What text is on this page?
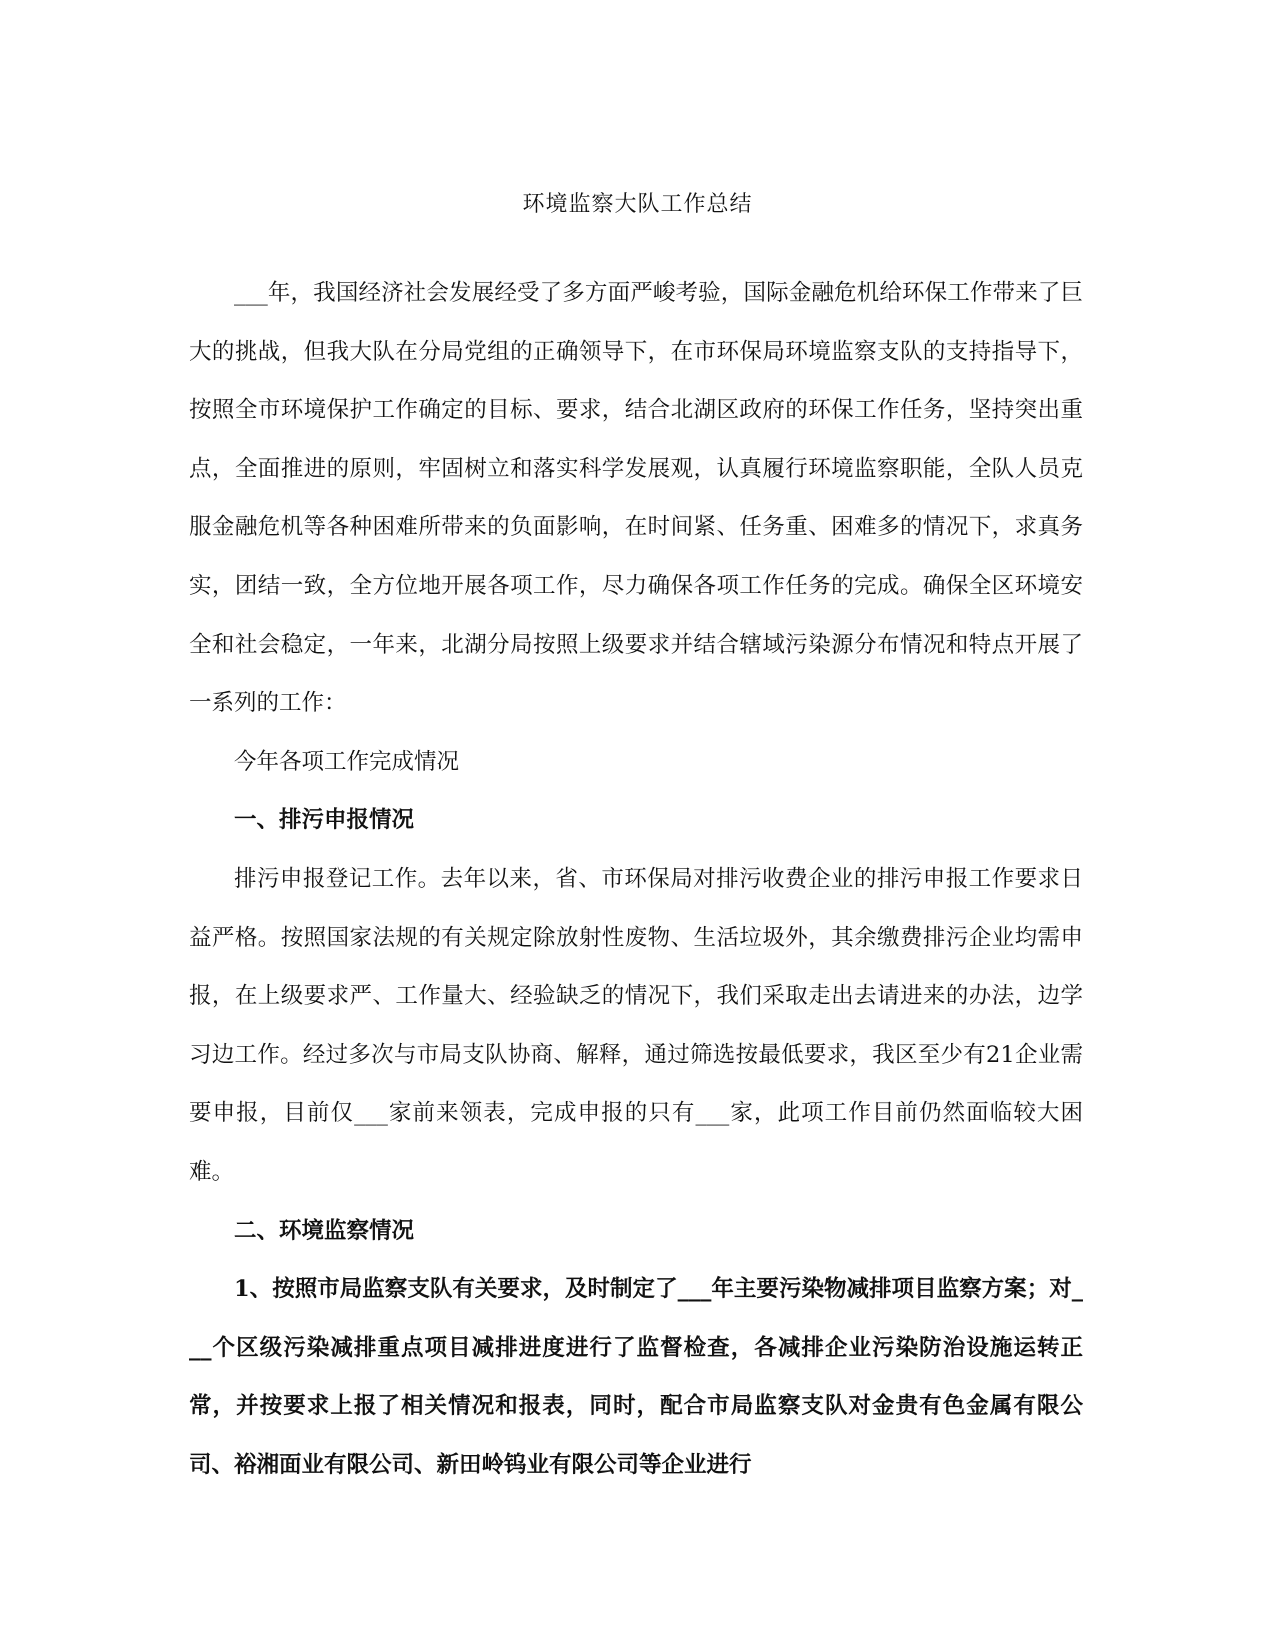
环境监察大队工作总结

___年，我国经济社会发展经受了多方面严峻考验，国际金融危机给环保工作带来了巨大的挑战，但我大队在分局党组的正确领导下，在市环保局环境监察支队的支持指导下，按照全市环境保护工作确定的目标、要求，结合北湖区政府的环保工作任务，坚持突出重点，全面推进的原则，牢固树立和落实科学发展观，认真履行环境监察职能，全队人员克服金融危机等各种困难所带来的负面影响，在时间紧、任务重、困难多的情况下，求真务实，团结一致，全方位地开展各项工作，尽力确保各项工作任务的完成。确保全区环境安全和社会稳定，一年来，北湖分局按照上级要求并结合辖域污染源分布情况和特点开展了一系列的工作：

今年各项工作完成情况

一、排污申报情况

排污申报登记工作。去年以来，省、市环保局对排污收费企业的排污申报工作要求日益严格。按照国家法规的有关规定除放射性废物、生活垃圾外，其余缴费排污企业均需申报，在上级要求严、工作量大、经验缺乏的情况下，我们采取走出去请进来的办法，边学习边工作。经过多次与市局支队协商、解释，通过筛选按最低要求，我区至少有21企业需要申报，目前仅___家前来领表，完成申报的只有___家，此项工作目前仍然面临较大困难。

二、环境监察情况

1、按照市局监察支队有关要求，及时制定了___年主要污染物减排项目监察方案；对___个区级污染减排重点项目减排进度进行了监督检查，各减排企业污染防治设施运转正常，并按要求上报了相关情况和报表，同时，配合市局监察支队对金贵有色金属有限公司、裕湘面业有限公司、新田岭钨业有限公司等企业进行
